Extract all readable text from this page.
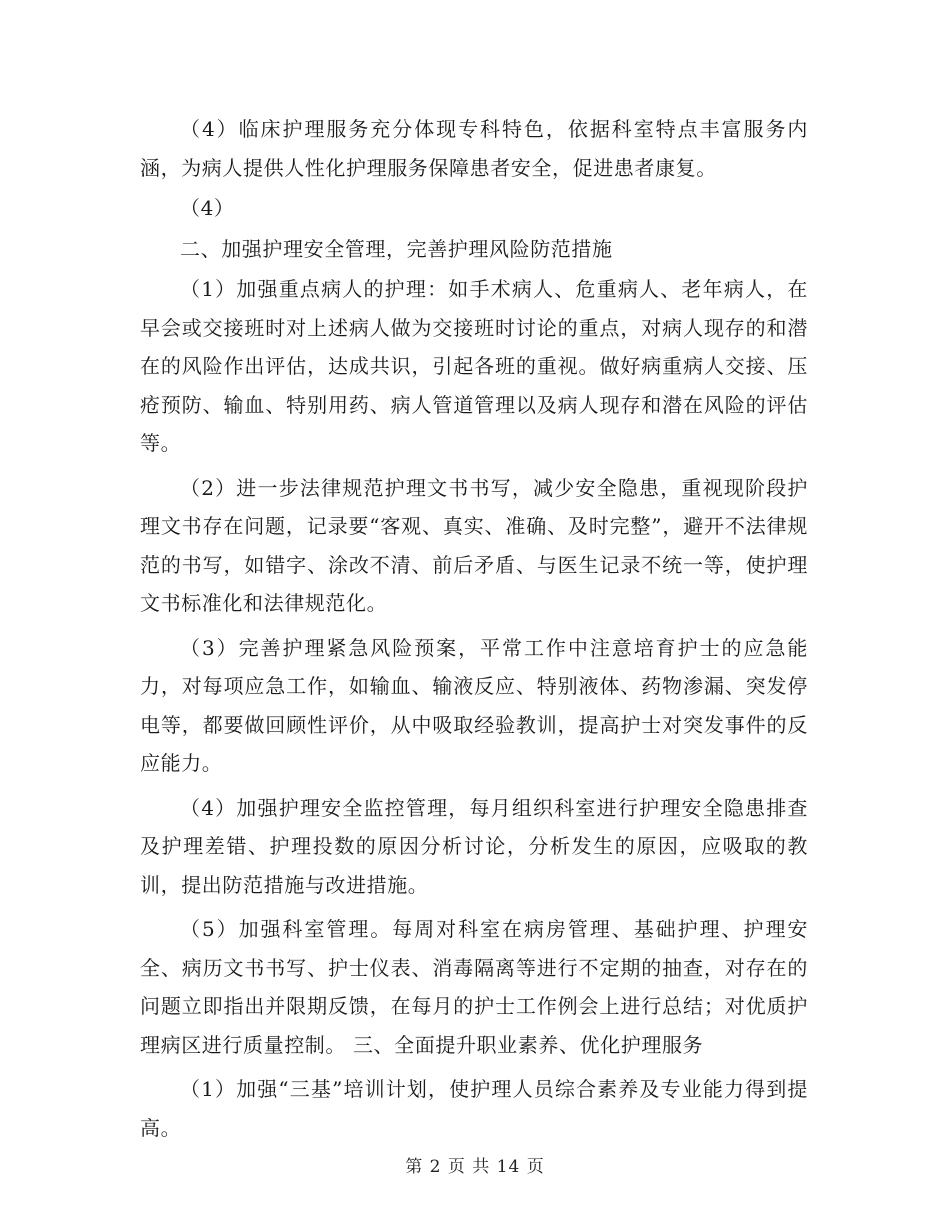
（4）临床护理服务充分体现专科特色，依据科室特点丰富服务内涵，为病人提供人性化护理服务保障患者安全，促进患者康复。

（4）

二、加强护理安全管理，完善护理风险防范措施

（1）加强重点病人的护理：如手术病人、危重病人、老年病人，在早会或交接班时对上述病人做为交接班时讨论的重点，对病人现存的和潜在的风险作出评估，达成共识，引起各班的重视。做好病重病人交接、压疮预防、输血、特别用药、病人管道管理以及病人现存和潜在风险的评估等。

（2）进一步法律规范护理文书书写，减少安全隐患，重视现阶段护理文书存在问题，记录要“客观、真实、准确、及时完整”，避开不法律规范的书写，如错字、涂改不清、前后矛盾、与医生记录不统一等，使护理文书标准化和法律规范化。

（3）完善护理紧急风险预案，平常工作中注意培育护士的应急能力，对每项应急工作，如输血、输液反应、特别液体、药物渗漏、突发停电等，都要做回顾性评价，从中吸取经验教训，提高护士对突发事件的反应能力。

（4）加强护理安全监控管理，每月组织科室进行护理安全隐患排查及护理差错、护理投数的原因分析讨论，分析发生的原因，应吸取的教训，提出防范措施与改进措施。

（5）加强科室管理。每周对科室在病房管理、基础护理、护理安全、病历文书书写、护士仪表、消毒隔离等进行不定期的抽查，对存在的问题立即指出并限期反馈，在每月的护士工作例会上进行总结；对优质护理病区进行质量控制。 三、全面提升职业素养、优化护理服务

（1）加强“三基”培训计划，使护理人员综合素养及专业能力得到提高。

第 2 页 共 14 页
